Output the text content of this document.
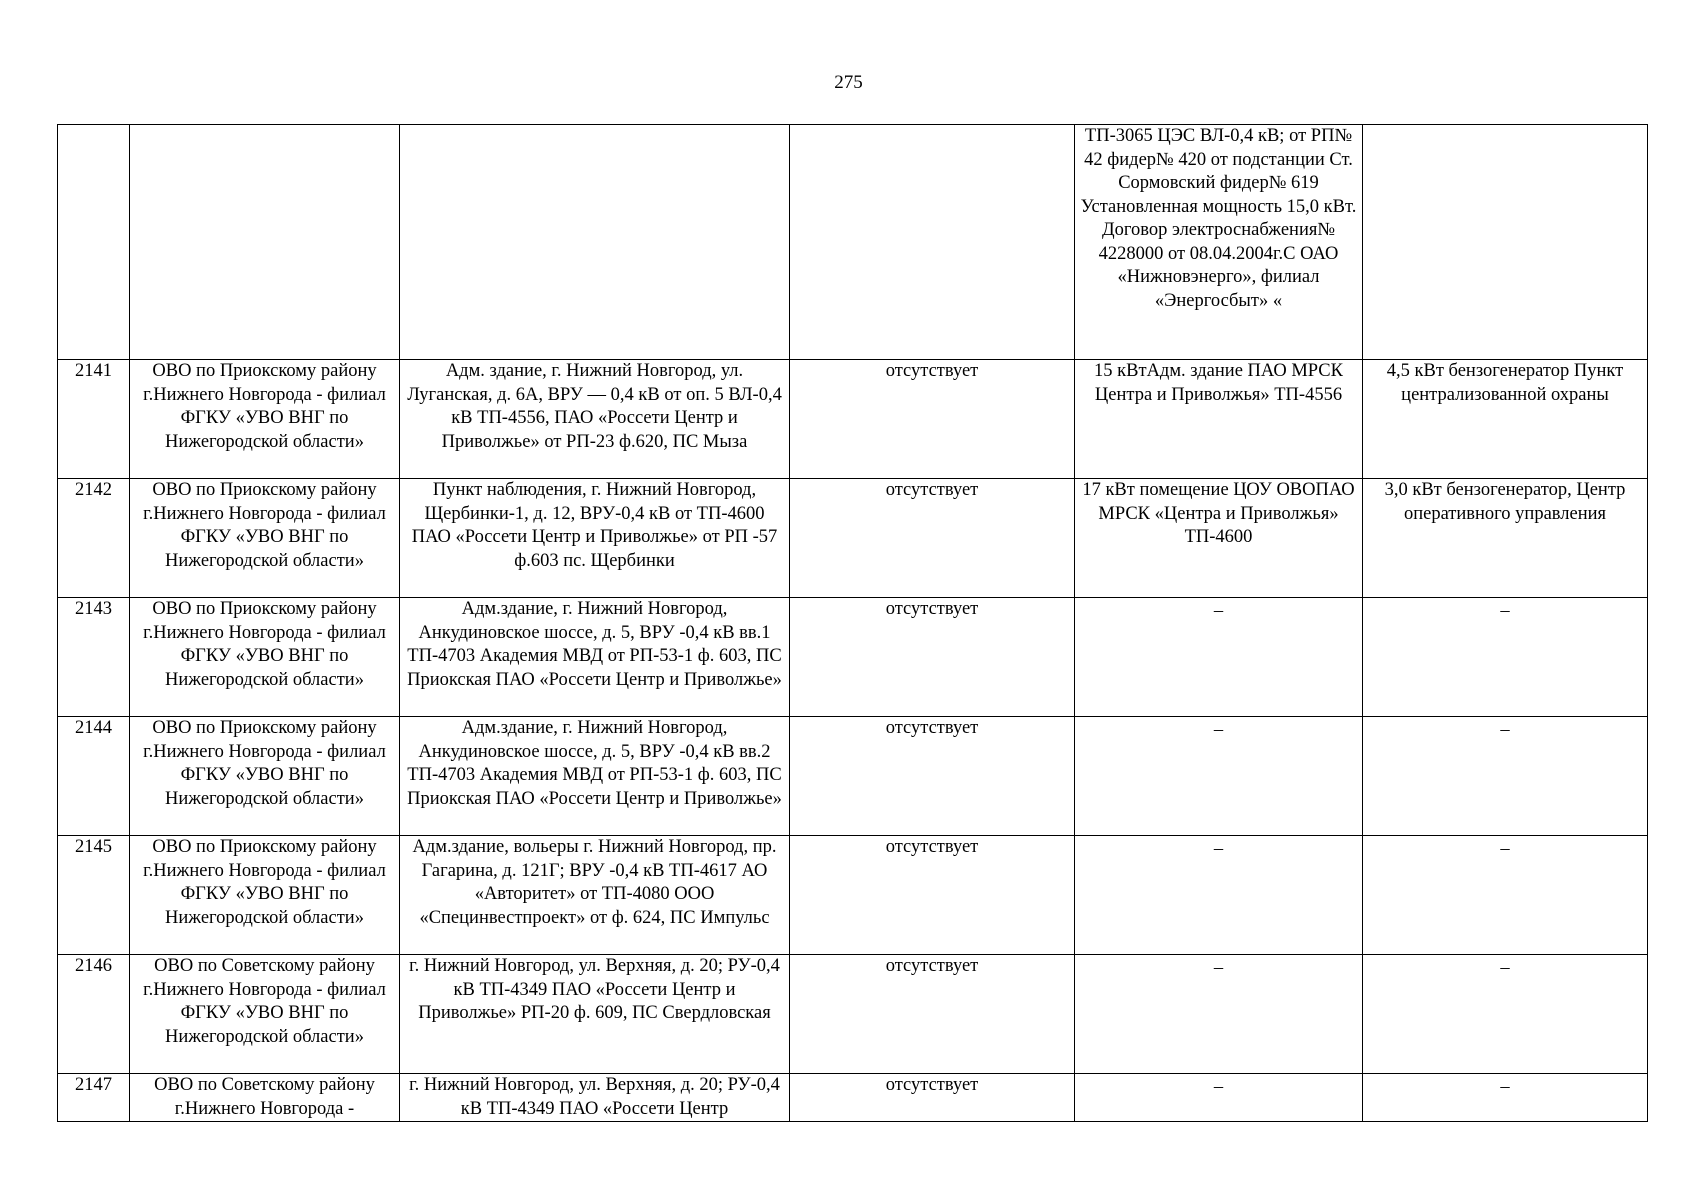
275
				ТП-3065 ЦЭС ВЛ-0,4 кВ; от РП№ 42 фидер№ 420 от подстанции Ст. Сормовский фидер№ 619 Установленная мощность 15,0 кВт. Договор электроснабжения№ 4228000 от 08.04.2004г.С ОАО «Нижновэнерго», филиал «Энергосбыт» «	
2141	ОВО по Приокскому району г.Нижнего Новгорода - филиал ФГКУ «УВО ВНГ по Нижегородской области»	Адм. здание, г. Нижний Новгород, ул. Луганская, д. 6А, ВРУ — 0,4 кВ от оп. 5 ВЛ-0,4 кВ ТП-4556, ПАО «Россети Центр и Приволжье» от РП-23 ф.620, ПС Мыза	отсутствует	15 кВтАдм. здание ПАО МРСК Центра и Приволжья» ТП-4556	4,5 кВт бензогенератор Пункт централизованной охраны
2142	ОВО по Приокскому району г.Нижнего Новгорода - филиал ФГКУ «УВО ВНГ по Нижегородской области»	Пункт наблюдения, г. Нижний Новгород, Щербинки-1, д. 12, ВРУ-0,4 кВ от ТП-4600 ПАО «Россети Центр и Приволжье» от РП -57 ф.603 пс. Щербинки	отсутствует	17 кВт помещение ЦОУ ОВОПАО МРСК «Центра и Приволжья» ТП-4600	3,0 кВт бензогенератор, Центр оперативного управления
2143	ОВО по Приокскому району г.Нижнего Новгорода - филиал ФГКУ «УВО ВНГ по Нижегородской области»	Адм.здание, г. Нижний Новгород, Анкудиновское шоссе, д. 5, ВРУ -0,4 кВ вв.1 ТП-4703 Академия МВД от РП-53-1 ф. 603, ПС Приокская ПАО «Россети Центр и Приволжье»	отсутствует	–	–
2144	ОВО по Приокскому району г.Нижнего Новгорода - филиал ФГКУ «УВО ВНГ по Нижегородской области»	Адм.здание, г. Нижний Новгород, Анкудиновское шоссе, д. 5, ВРУ -0,4 кВ вв.2 ТП-4703 Академия МВД от РП-53-1 ф. 603, ПС Приокская ПАО «Россети Центр и Приволжье»	отсутствует	–	–
2145	ОВО по Приокскому району г.Нижнего Новгорода - филиал ФГКУ «УВО ВНГ по Нижегородской области»	Адм.здание, вольеры г. Нижний Новгород, пр. Гагарина, д. 121Г; ВРУ -0,4 кВ ТП-4617 АО «Авторитет» от ТП-4080 ООО «Специнвестпроект» от ф. 624, ПС Импульс	отсутствует	–	–
2146	ОВО по Советскому району г.Нижнего Новгорода - филиал ФГКУ «УВО ВНГ по Нижегородской области»	г. Нижний Новгород, ул. Верхняя, д. 20; РУ-0,4 кВ ТП-4349 ПАО «Россети Центр и Приволжье» РП-20 ф. 609, ПС Свердловская	отсутствует	–	–
2147	ОВО по Советскому району г.Нижнего Новгорода -	г. Нижний Новгород, ул. Верхняя, д. 20; РУ-0,4 кВ ТП-4349 ПАО «Россети Центр	отсутствует	–	–
